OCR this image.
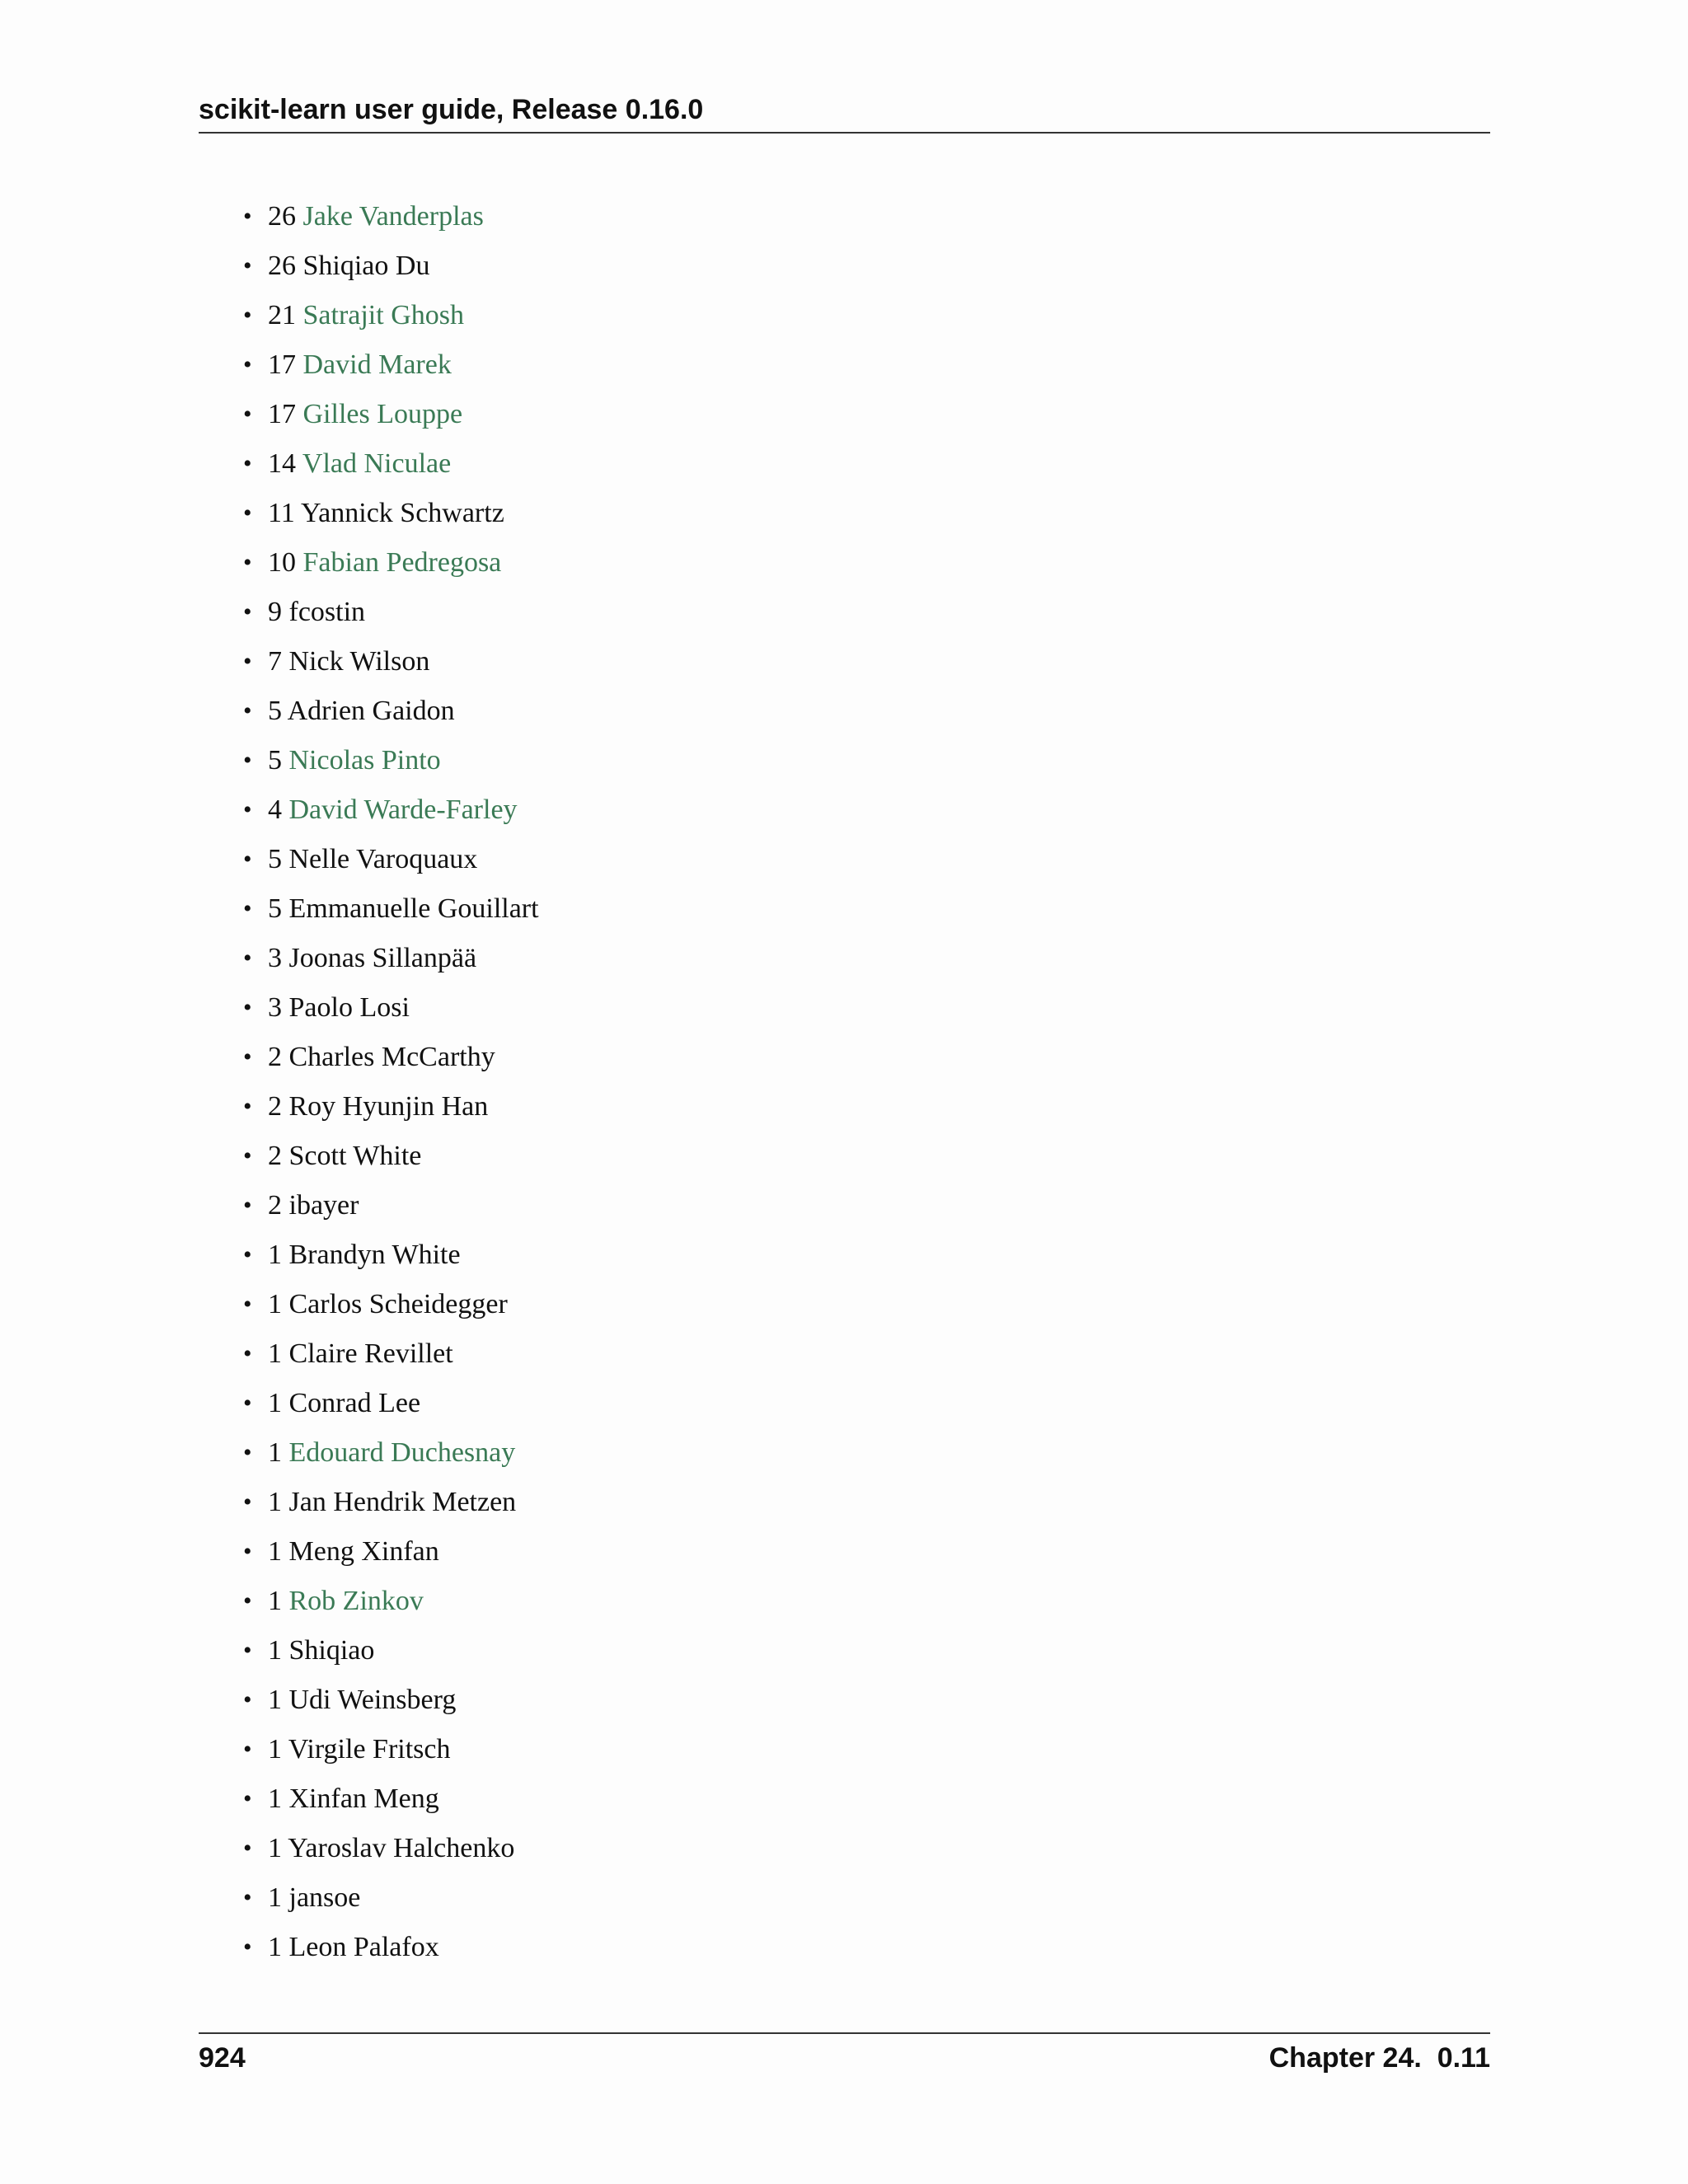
scikit-learn user guide, Release 0.16.0
• 26 Jake Vanderplas
• 26 Shiqiao Du
• 21 Satrajit Ghosh
• 17 David Marek
• 17 Gilles Louppe
• 14 Vlad Niculae
• 11 Yannick Schwartz
• 10 Fabian Pedregosa
• 9 fcostin
• 7 Nick Wilson
• 5 Adrien Gaidon
• 5 Nicolas Pinto
• 4 David Warde-Farley
• 5 Nelle Varoquaux
• 5 Emmanuelle Gouillart
• 3 Joonas Sillanpää
• 3 Paolo Losi
• 2 Charles McCarthy
• 2 Roy Hyunjin Han
• 2 Scott White
• 2 ibayer
• 1 Brandyn White
• 1 Carlos Scheidegger
• 1 Claire Revillet
• 1 Conrad Lee
• 1 Edouard Duchesnay
• 1 Jan Hendrik Metzen
• 1 Meng Xinfan
• 1 Rob Zinkov
• 1 Shiqiao
• 1 Udi Weinsberg
• 1 Virgile Fritsch
• 1 Xinfan Meng
• 1 Yaroslav Halchenko
• 1 jansoe
• 1 Leon Palafox
924	Chapter 24.  0.11
